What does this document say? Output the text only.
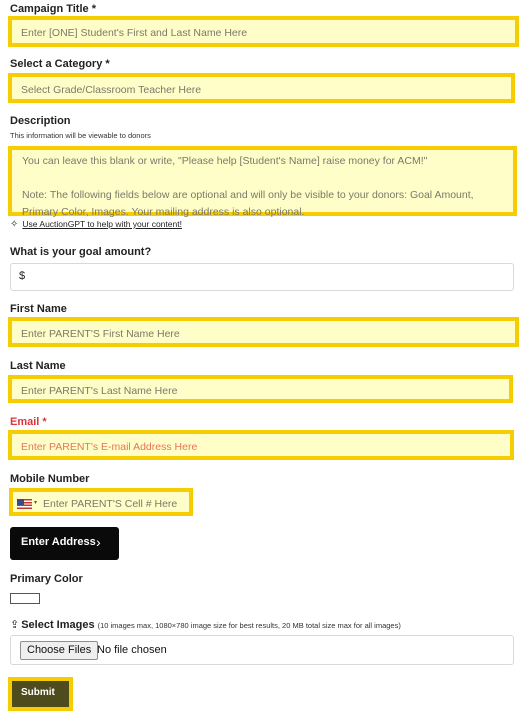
Campaign Title *
Enter [ONE] Student's First and Last Name Here
Select a Category *
Select Grade/Classroom Teacher Here
Description
This information will be viewable to donors
You can leave this blank or write, "Please help [Student's Name] raise money for ACM!"
Note: The following fields below are optional and will only be visible to your donors: Goal Amount, Primary Color, Images. Your mailing address is also optional.
✧ Use AuctionGPT to help with your content!
What is your goal amount?
$
First Name
Enter PARENT'S First Name Here
Last Name
Enter PARENT's Last Name Here
Email *
Enter PARENT's E-mail Address Here
Mobile Number
▾ Enter PARENT'S Cell # Here
Enter Address ›
Primary Color
⇪ Select Images (10 images max, 1080×780 image size for best results, 20 MB total size max for all images)
Choose Files No file chosen
Submit
